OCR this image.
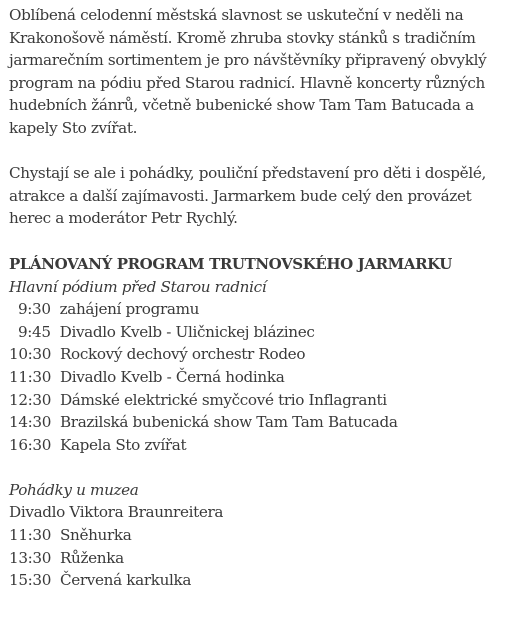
Oblíbená celodenní městská slavnost se uskuteční v neděli na Krakonošově náměstí. Kromě zhruba stovky stánků s tradičním jarmarečním sortimentem je pro návštěvníky připravený obvyklý program na pódiu před Starou radnicí. Hlavně koncerty různých hudebních žánrů, včetně bubenické show Tam Tam Batucada a kapely Sto zvířat.

Chystají se ale i pohádky, pouliční představení pro děti i dospělé, atrakce a další zajímavosti. Jarmarkem bude celý den provázet herec a moderátor Petr Rychlý.

PLÁNOVANÝ PROGRAM TRUTNOVSKÉHO JARMARKU

Hlavní pódium před Starou radnicí

9:30  zahájení programu
9:45  Divadlo Kvelb - Uličnickej blázinec
10:30  Rockový dechový orchestr Rodeo
11:30  Divadlo Kvelb - Černá hodinka
12:30  Dámské elektrické smyčcové trio Inflagranti
14:30  Brazilská bubenická show Tam Tam Batucada
16:30  Kapela Sto zvířat

Pohádky u muzea

Divadlo Viktora Braunreitera

11:30  Sněhurka
13:30  Růženka
15:30  Červená karkulka
